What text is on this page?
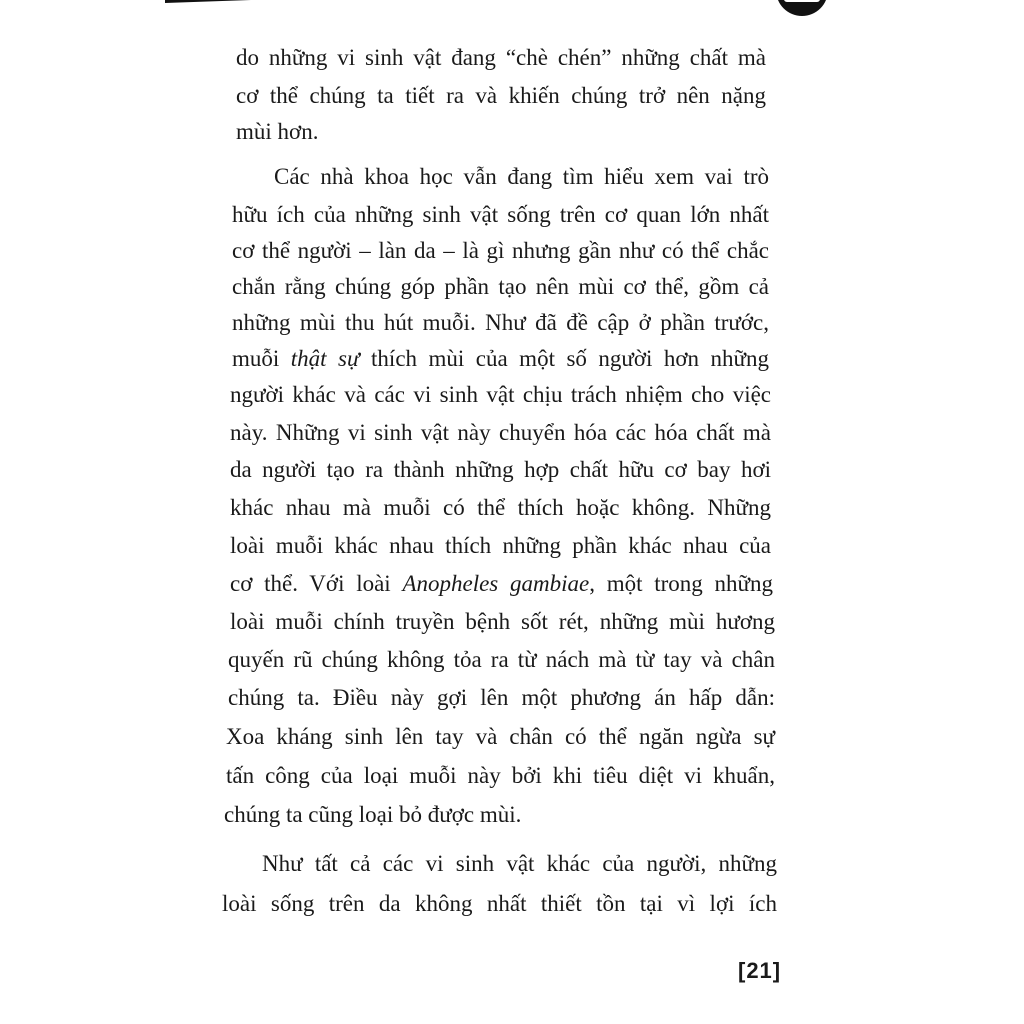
do những vi sinh vật đang “chè chén” những chất mà
cơ thể chúng ta tiết ra và khiến chúng trở nên nặng
mùi hơn.
Các nhà khoa học vẫn đang tìm hiểu xem vai trò
hữu ích của những sinh vật sống trên cơ quan lớn nhất
cơ thể người – làn da – là gì nhưng gần như có thể chắc
chắn rằng chúng góp phần tạo nên mùi cơ thể, gồm cả
những mùi thu hút muỗi. Như đã đề cập ở phần trước,
muỗi thật sự thích mùi của một số người hơn những
người khác và các vi sinh vật chịu trách nhiệm cho việc
này. Những vi sinh vật này chuyển hóa các hóa chất mà
da người tạo ra thành những hợp chất hữu cơ bay hơi
khác nhau mà muỗi có thể thích hoặc không. Những
loài muỗi khác nhau thích những phần khác nhau của
cơ thể. Với loài Anopheles gambiae, một trong những
loài muỗi chính truyền bệnh sốt rét, những mùi hương
quyến rũ chúng không tỏa ra từ nách mà từ tay và chân
chúng ta. Điều này gợi lên một phương án hấp dẫn:
Xoa kháng sinh lên tay và chân có thể ngăn ngừa sự
tấn công của loại muỗi này bởi khi tiêu diệt vi khuẩn,
chúng ta cũng loại bỏ được mùi.
Như tất cả các vi sinh vật khác của người, những
loài sống trên da không nhất thiết tồn tại vì lợi ích
[21]
